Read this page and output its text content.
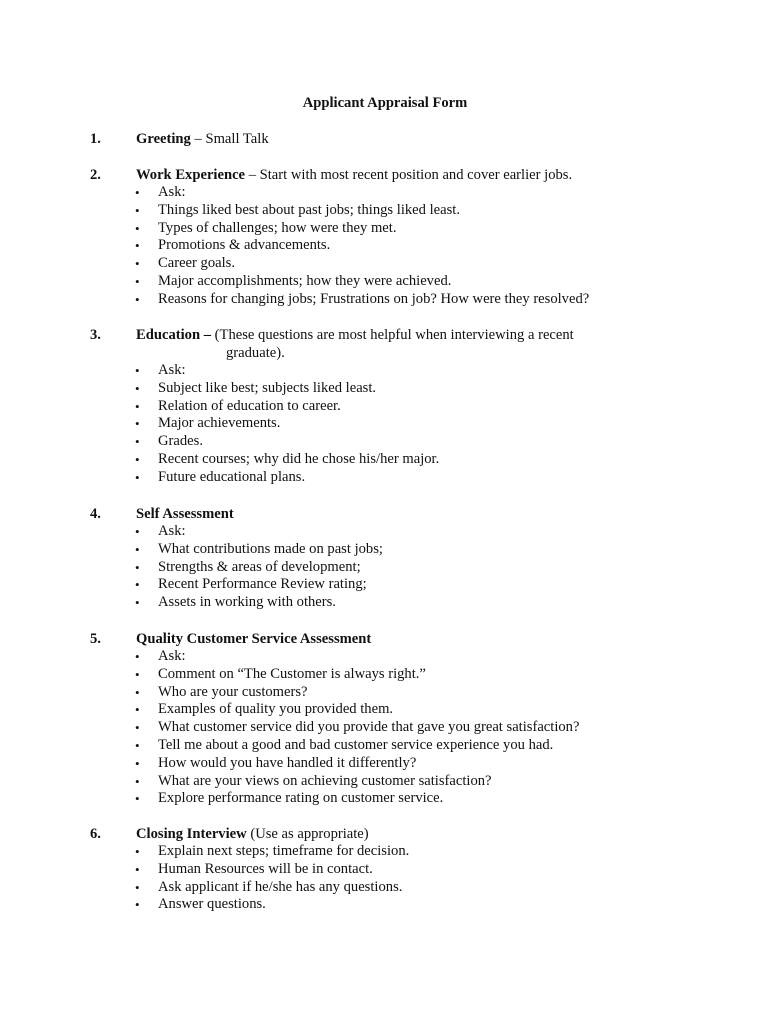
Applicant Appraisal Form
1. Greeting – Small Talk
2. Work Experience – Start with most recent position and cover earlier jobs.
• Ask:
• Things liked best about past jobs; things liked least.
• Types of challenges; how were they met.
• Promotions & advancements.
• Career goals.
• Major accomplishments; how they were achieved.
• Reasons for changing jobs; Frustrations on job? How were they resolved?
3. Education – (These questions are most helpful when interviewing a recent
graduate).
• Ask:
• Subject like best; subjects liked least.
• Relation of education to career.
• Major achievements.
• Grades.
• Recent courses; why did he chose his/her major.
• Future educational plans.
4. Self Assessment
• Ask:
• What contributions made on past jobs;
• Strengths & areas of development;
• Recent Performance Review rating;
• Assets in working with others.
5. Quality Customer Service Assessment
• Ask:
• Comment on “The Customer is always right.”
• Who are your customers?
• Examples of quality you provided them.
• What customer service did you provide that gave you great satisfaction?
• Tell me about a good and bad customer service experience you had.
• How would you have handled it differently?
• What are your views on achieving customer satisfaction?
• Explore performance rating on customer service.
6. Closing Interview (Use as appropriate)
• Explain next steps; timeframe for decision.
• Human Resources will be in contact.
• Ask applicant if he/she has any questions.
• Answer questions.
